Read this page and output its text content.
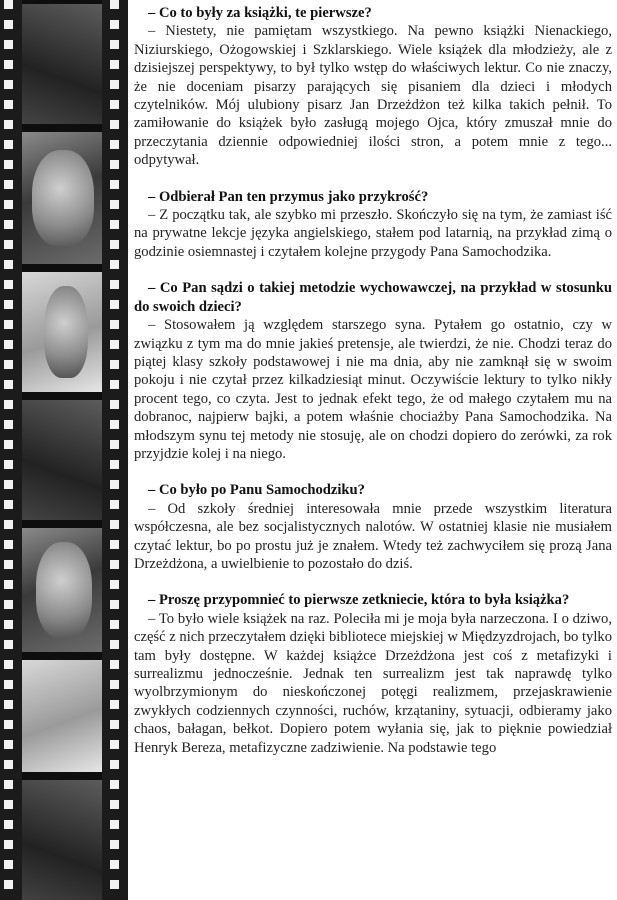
– Co to były za książki, te pierwsze?

– Niestety, nie pamiętam wszystkiego. Na pewno książki Nienackiego, Niziurskiego, Ożogowskiej i Szklarskiego. Wiele książek dla młodzieży, ale z dzisiejszej perspektywy, to był tylko wstęp do właściwych lektur. Co nie znaczy, że nie doceniam pisarzy parających się pisaniem dla dzieci i młodych czytelników. Mój ulubiony pisarz Jan Drzeżdżon też kilka takich pełnił. To zamiłowanie do książek było zasługą mojego Ojca, który zmuszał mnie do przeczytania dziennie odpowiedniej ilości stron, a potem mnie z tego... odpytywał.

– Odbierał Pan ten przymus jako przykrość?

– Z początku tak, ale szybko mi przeszło. Skończyło się na tym, że zamiast iść na prywatne lekcje języka angielskiego, stałem pod latarnią, na przykład zimą o godzinie osiemnastej i czytałem kolejne przygody Pana Samochodzika.

– Co Pan sądzi o takiej metodzie wychowawczej, na przykład w stosunku do swoich dzieci?

– Stosowałem ją względem starszego syna. Pytałem go ostatnio, czy w związku z tym ma do mnie jakieś pretensje, ale twierdzi, że nie. Chodzi teraz do piątej klasy szkoły podstawowej i nie ma dnia, aby nie zamknął się w swoim pokoju i nie czytał przez kilkadziesiąt minut. Oczywiście lektury to tylko nikły procent tego, co czyta. Jest to jednak efekt tego, że od małego czytałem mu na dobranoc, najpierw bajki, a potem właśnie chociażby Pana Samochodzika. Na młodszym synu tej metody nie stosuję, ale on chodzi dopiero do zerówki, za rok przyjdzie kolej i na niego.

– Co było po Panu Samochodziku?

– Od szkoły średniej interesowała mnie przede wszystkim literatura współczesna, ale bez socjalistycznych nalotów. W ostatniej klasie nie musiałem czytać lektur, bo po prostu już je znałem. Wtedy też zachwyciłem się prozą Jana Drzeżdżona, a uwielbienie to pozostało do dziś.

– Proszę przypomnieć to pierwsze zetkniecie, która to była książka?

– To było wiele książek na raz. Poleciła mi je moja była narzeczona. I o dziwo, część z nich przeczytałem dzięki bibliotece miejskiej w Międzyzdrojach, bo tylko tam były dostępne. W każdej książce Drzeżdżona jest coś z metafizyki i surrealizmu jednocześnie. Jednak ten surrealizm jest tak naprawdę tylko wyolbrzymionym do nieskończonej potęgi realizmem, przejaskrawienie zwykłych codziennych czynności, ruchów, krzątaniny, sytuacji, odbieramy jako chaos, bałagan, bełkot. Dopiero potem wyłania się, jak to pięknie powiedział Henryk Bereza, metafizyczne zadziwienie. Na podstawie tego
